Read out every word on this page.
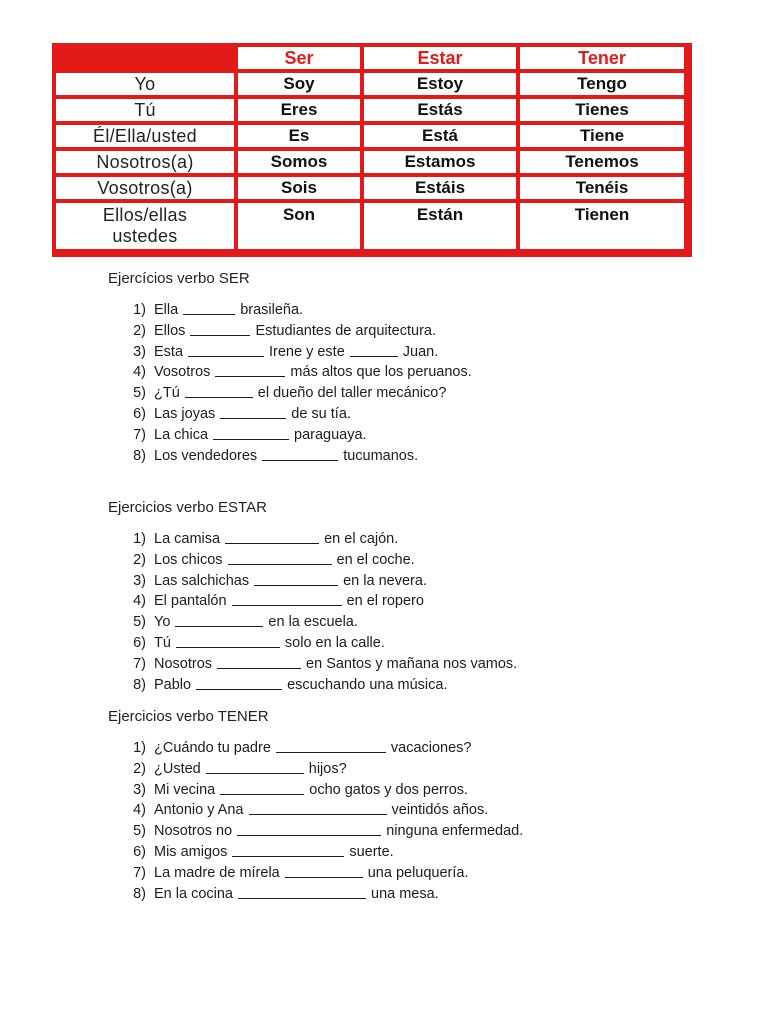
	Ser	Estar	Tener
Yo	Soy	Estoy	Tengo
Tú	Eres	Estás	Tienes
Él/Ella/usted	Es	Está	Tiene
Nosotros(a)	Somos	Estamos	Tenemos
Vosotros(a)	Sois	Estáis	Tenéis
Ellos/ellas
ustedes	Son	Están	Tienen
Ejercícios verbo SER
1) Ella	brasileña.
2) Ellos	Estudiantes de arquitectura.
3) Esta	Irene y este	Juan.
4) Vosotros	más altos que los peruanos.
5) ¿Tú	el dueño del taller mecánico?
6) Las joyas	de su tía.
7) La chica	paraguaya.
8) Los vendedores	tucumanos.
Ejercicios verbo ESTAR
1) La camisa	en el cajón.
2) Los chicos	en el coche.
3) Las salchichas	en la nevera.
4) El pantalón	en el ropero
5) Yo	en la escuela.
6) Tú	solo en la calle.
7) Nosotros	en Santos y mañana nos vamos.
8) Pablo	escuchando una música.
Ejercicios verbo TENER
1) ¿Cuándo tu padre	vacaciones?
2) ¿Usted	hijos?
3) Mi vecina	ocho gatos y dos perros.
4) Antonio y Ana	veintidós años.
5) Nosotros no	ninguna enfermedad.
6) Mis amigos	suerte.
7) La madre de mírela	una peluquería.
8) En la cocina	una mesa.
